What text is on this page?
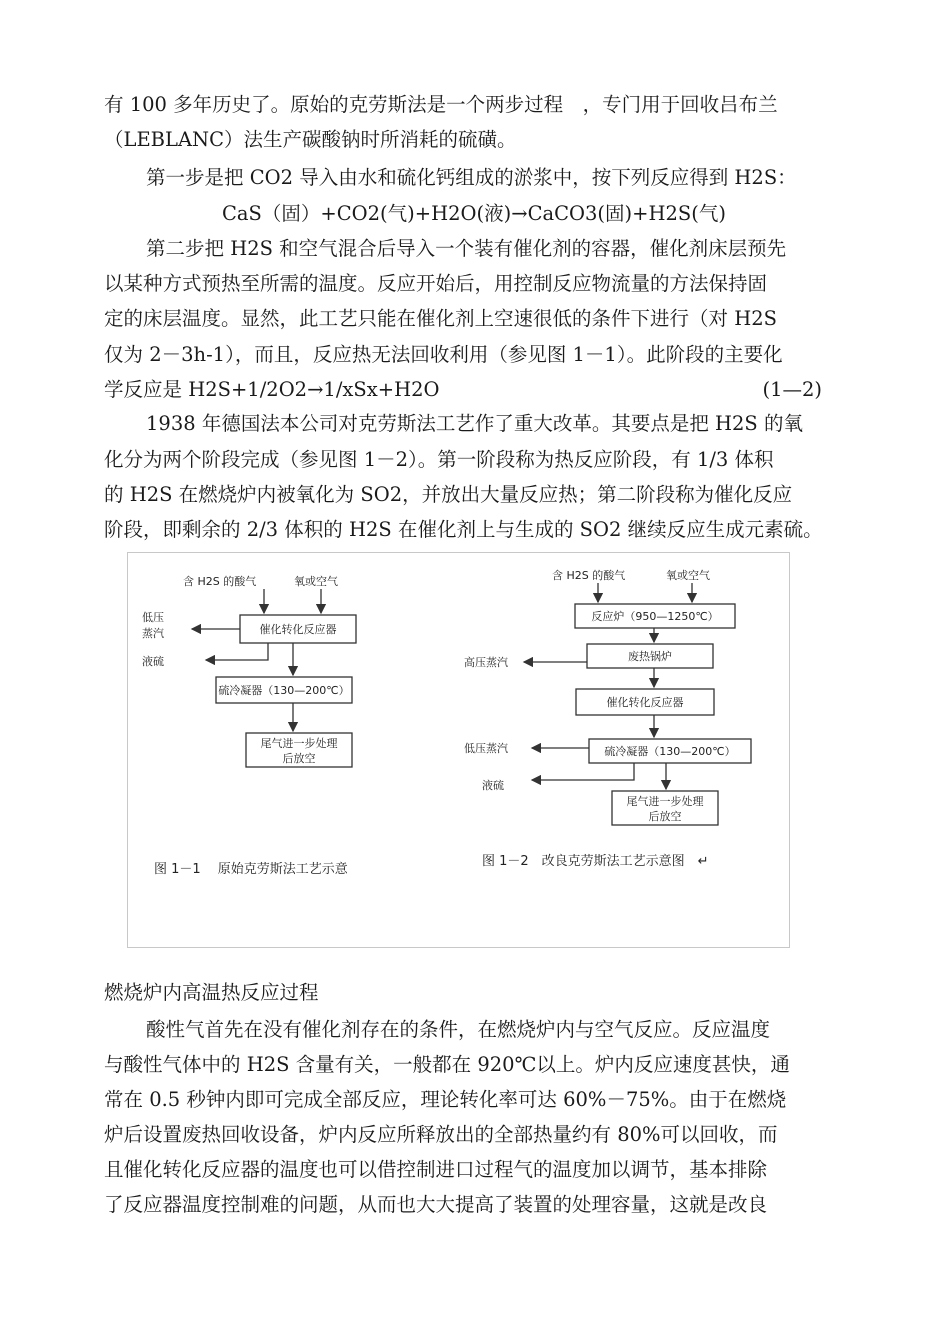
有 100 多年历史了。原始的克劳斯法是一个两步过程　，专门用于回收吕布兰
（LEBLANC）法生产碳酸钠时所消耗的硫磺。
第一步是把 CO2 导入由水和硫化钙组成的淤浆中，按下列反应得到 H2S：
CaS（固）+CO2(气)+H2O(液)→CaCO3(固)+H2S(气)
第二步把 H2S 和空气混合后导入一个装有催化剂的容器，催化剂床层预先
以某种方式预热至所需的温度。反应开始后，用控制反应物流量的方法保持固
定的床层温度。显然，此工艺只能在催化剂上空速很低的条件下进行（对 H2S
仅为 2－3h-1），而且，反应热无法回收利用（参见图 1－1）。此阶段的主要化
学反应是 H2S+1/2O2→1/xSx+H2O	(1—2)
1938 年德国法本公司对克劳斯法工艺作了重大改革。其要点是把 H2S 的氧
化分为两个阶段完成（参见图 1－2）。第一阶段称为热反应阶段，有 1/3 体积
的 H2S 在燃烧炉内被氧化为 SO2，并放出大量反应热；第二阶段称为催化反应
阶段，即剩余的 2/3 体积的 H2S 在催化剂上与生成的 SO2 继续反应生成元素硫。
含 H2S 的酸气	氧或空气
催化转化反应器
低压
蒸汽
液硫
硫冷凝器（130—200℃）
尾气进一步处理
后放空
图 1－1　 原始克劳斯法工艺示意
含 H2S 的酸气	氧或空气
反应炉（950—1250℃）
废热锅炉
高压蒸汽
催化转化反应器
硫冷凝器（130—200℃）
低压蒸汽
液硫
尾气进一步处理
后放空
图 1－2　改良克劳斯法工艺示意图　↵
燃烧炉内高温热反应过程
酸性气首先在没有催化剂存在的条件，在燃烧炉内与空气反应。反应温度
与酸性气体中的 H2S 含量有关，一般都在 920℃以上。炉内反应速度甚快，通
常在 0.5 秒钟内即可完成全部反应，理论转化率可达 60%－75%。由于在燃烧
炉后设置废热回收设备，炉内反应所释放出的全部热量约有 80%可以回收，而
且催化转化反应器的温度也可以借控制进口过程气的温度加以调节，基本排除
了反应器温度控制难的问题，从而也大大提高了装置的处理容量，这就是改良
